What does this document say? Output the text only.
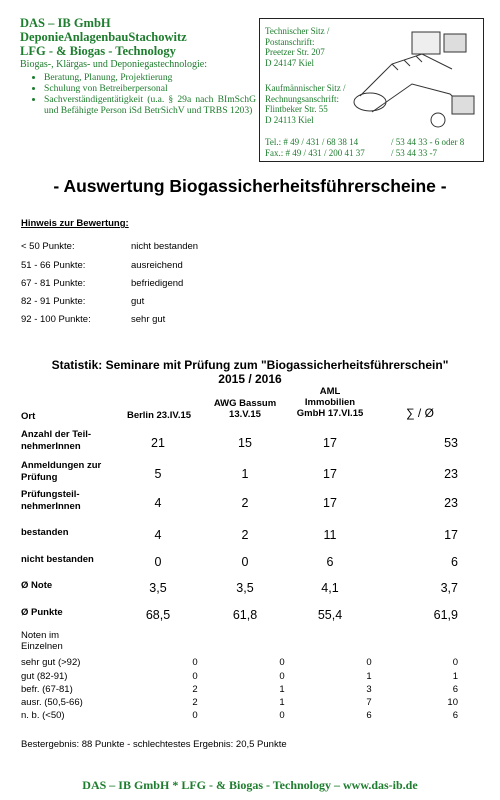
DAS – IB GmbH
DeponieAnlagenbauStachowitz
LFG - & Biogas - Technology
Biogas-, Klärgas- und Deponiegastechnologie:
• Beratung, Planung, Projektierung
• Schulung von Betreiberpersonal
• Sachverständigentätigkeit (u.a. § 29a nach BImSchG und Befähigte Person iSd BetrSichV und TRBS 1203)
Technischer Sitz /
Postanschrift:
Preetzer Str. 207
D 24147 Kiel
Kaufmännischer Sitz /
Rechnungsanschrift:
Flintbeker Str. 55
D 24113 Kiel
Tel.: # 49 / 431 / 68 38 14
Fax.: # 49 / 431 / 200 41 37
/ 53 44 33 - 6 oder 8
/ 53 44 33 -7
- Auswertung Biogassicherheitsführerscheine -
Hinweis zur Bewertung:
< 50 Punkte:	nicht bestanden
51 - 66 Punkte:	ausreichend
67 - 81 Punkte:	befriedigend
82 - 91 Punkte:	gut
92 - 100 Punkte:	sehr gut
Statistik: Seminare mit Prüfung zum "Biogassicherheitsführerschein"
2015 / 2016
Ort	Berlin 23.IV.15
AWG Bassum
13.V.15
AML
Immobilien
GmbH 17.VI.15	∑ / Ø
Anzahl der Teil-
nehmerInnen	21	15	17	53
Anmeldungen zur
Prüfung	5	1	17	23
Prüfungsteil-
nehmerInnen	4	2	17	23
bestanden	4	2	11	17
nicht bestanden	0	0	6	6
Ø Note	3,5	3,5	4,1	3,7
Ø Punkte	68,5	61,8	55,4	61,9
Noten im
Einzelnen
sehr gut (>92)	0	0	0	0
gut (82-91)	0	0	1	1
befr. (67-81)	2	1	3	6
ausr. (50,5-66)	2	1	7	10
n. b. (<50)	0	0	6	6
Bestergebnis: 88 Punkte - schlechtestes Ergebnis: 20,5 Punkte
DAS – IB GmbH * LFG - & Biogas - Technology – www.das-ib.de
